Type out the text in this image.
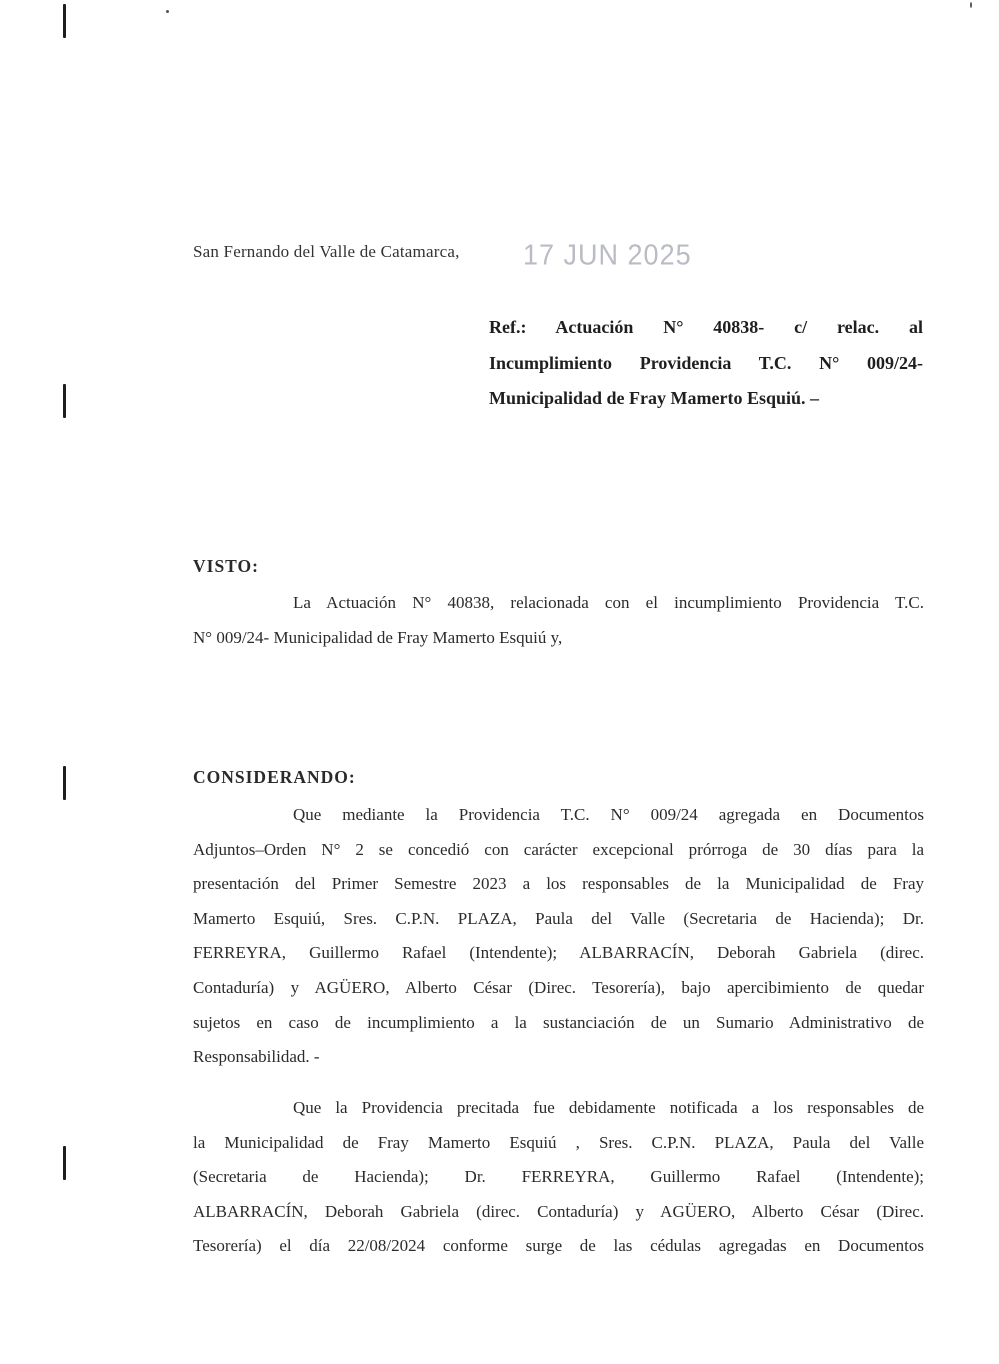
San Fernando del Valle de Catamarca, 17 JUN 2025
Ref.: Actuación N° 40838- c/ relac. al
Incumplimiento Providencia T.C. N° 009/24-
Municipalidad de Fray Mamerto Esquiú. –
VISTO:
La Actuación N° 40838, relacionada con el incumplimiento Providencia T.C.
N° 009/24- Municipalidad de Fray Mamerto Esquiú y,
CONSIDERANDO:
Que mediante la Providencia T.C. N° 009/24 agregada en Documentos
Adjuntos–Orden N° 2 se concedió con carácter excepcional prórroga de 30 días para la
presentación del Primer Semestre 2023 a los responsables de la Municipalidad de Fray
Mamerto Esquiú, Sres. C.P.N. PLAZA, Paula del Valle (Secretaria de Hacienda); Dr.
FERREYRA, Guillermo Rafael (Intendente); ALBARRACÍN, Deborah Gabriela (direc.
Contaduría) y AGÜERO, Alberto César (Direc. Tesorería), bajo apercibimiento de quedar
sujetos en caso de incumplimiento a la sustanciación de un Sumario Administrativo de
Responsabilidad. -
Que la Providencia precitada fue debidamente notificada a los responsables de
la Municipalidad de Fray Mamerto Esquiú , Sres. C.P.N. PLAZA, Paula del Valle
(Secretaria de Hacienda); Dr. FERREYRA, Guillermo Rafael (Intendente);
ALBARRACÍN, Deborah Gabriela (direc. Contaduría) y AGÜERO, Alberto César (Direc.
Tesorería) el día 22/08/2024 conforme surge de las cédulas agregadas en Documentos
